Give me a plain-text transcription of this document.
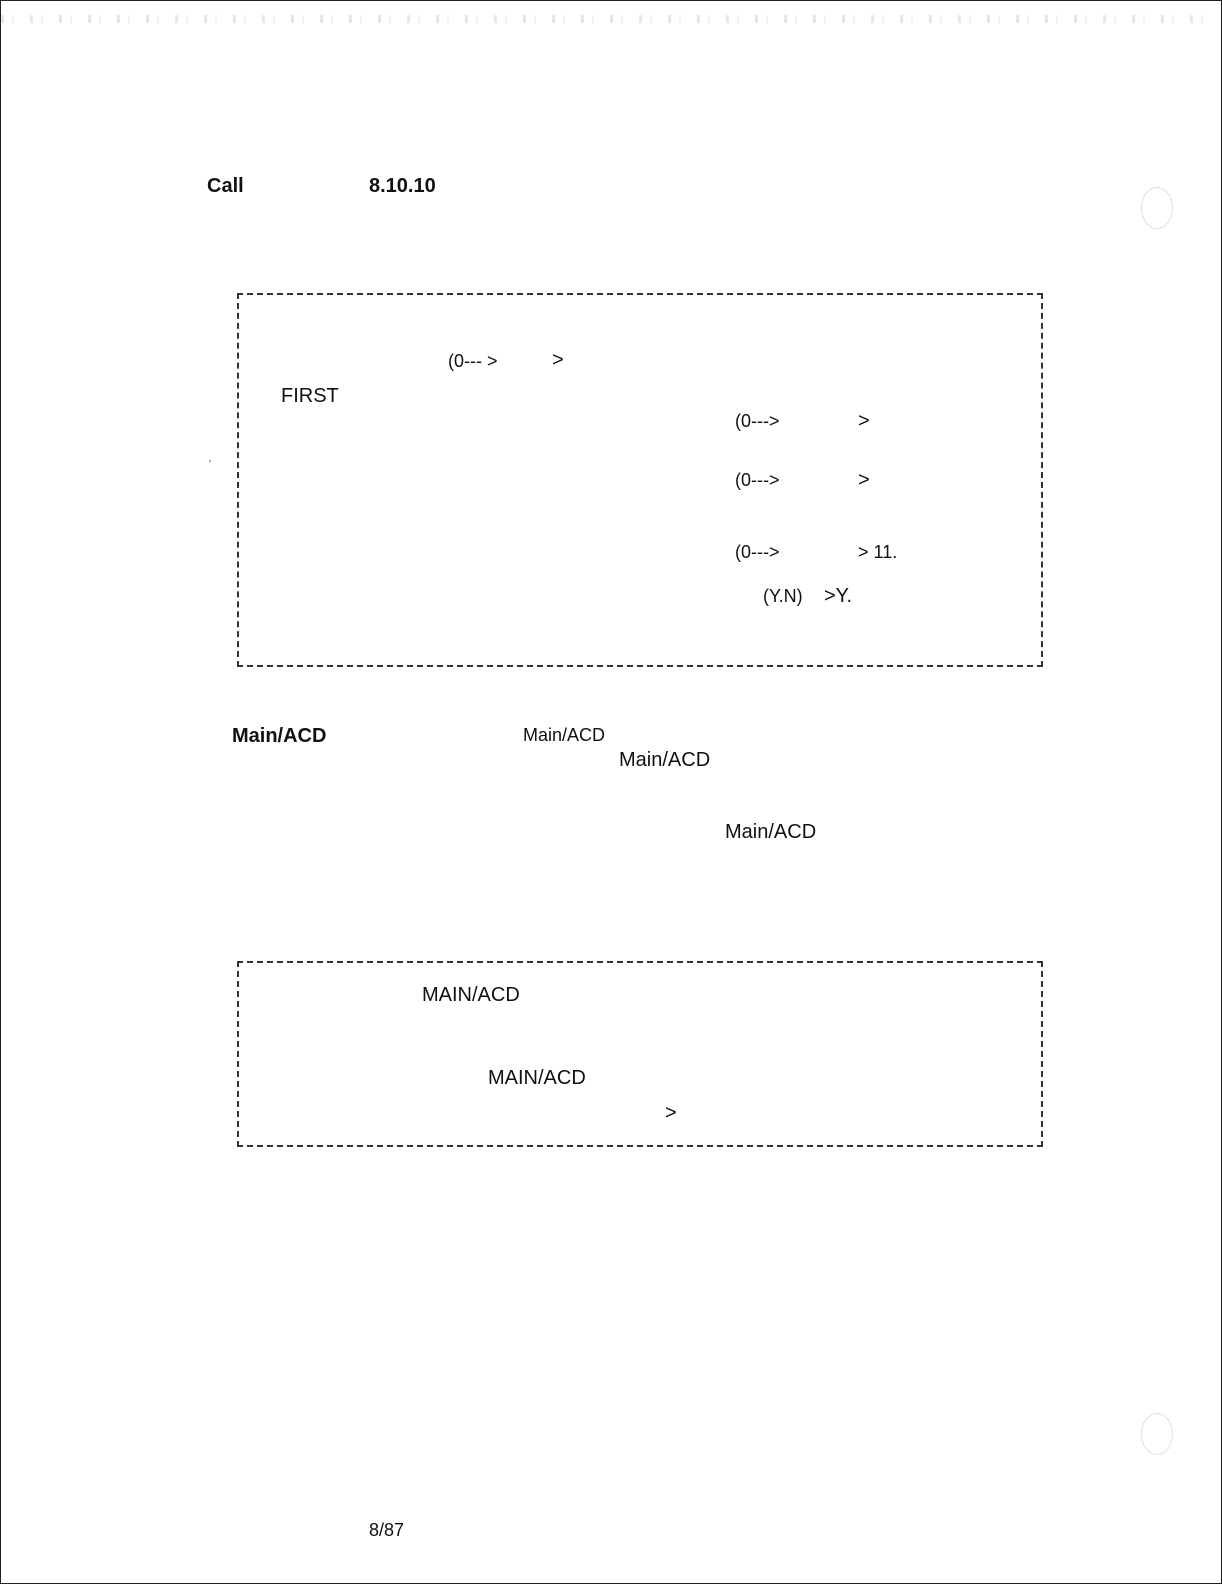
Call	8.10.10
(0--- >	>
FIRST
(0--->	>
(0--->	>
(0--->	> 11.
(Y.N) >Y.
′
Main/ACD	Main/ACD
Main/ACD
Main/ACD
MAIN/ACD
MAIN/ACD
>
8/87
